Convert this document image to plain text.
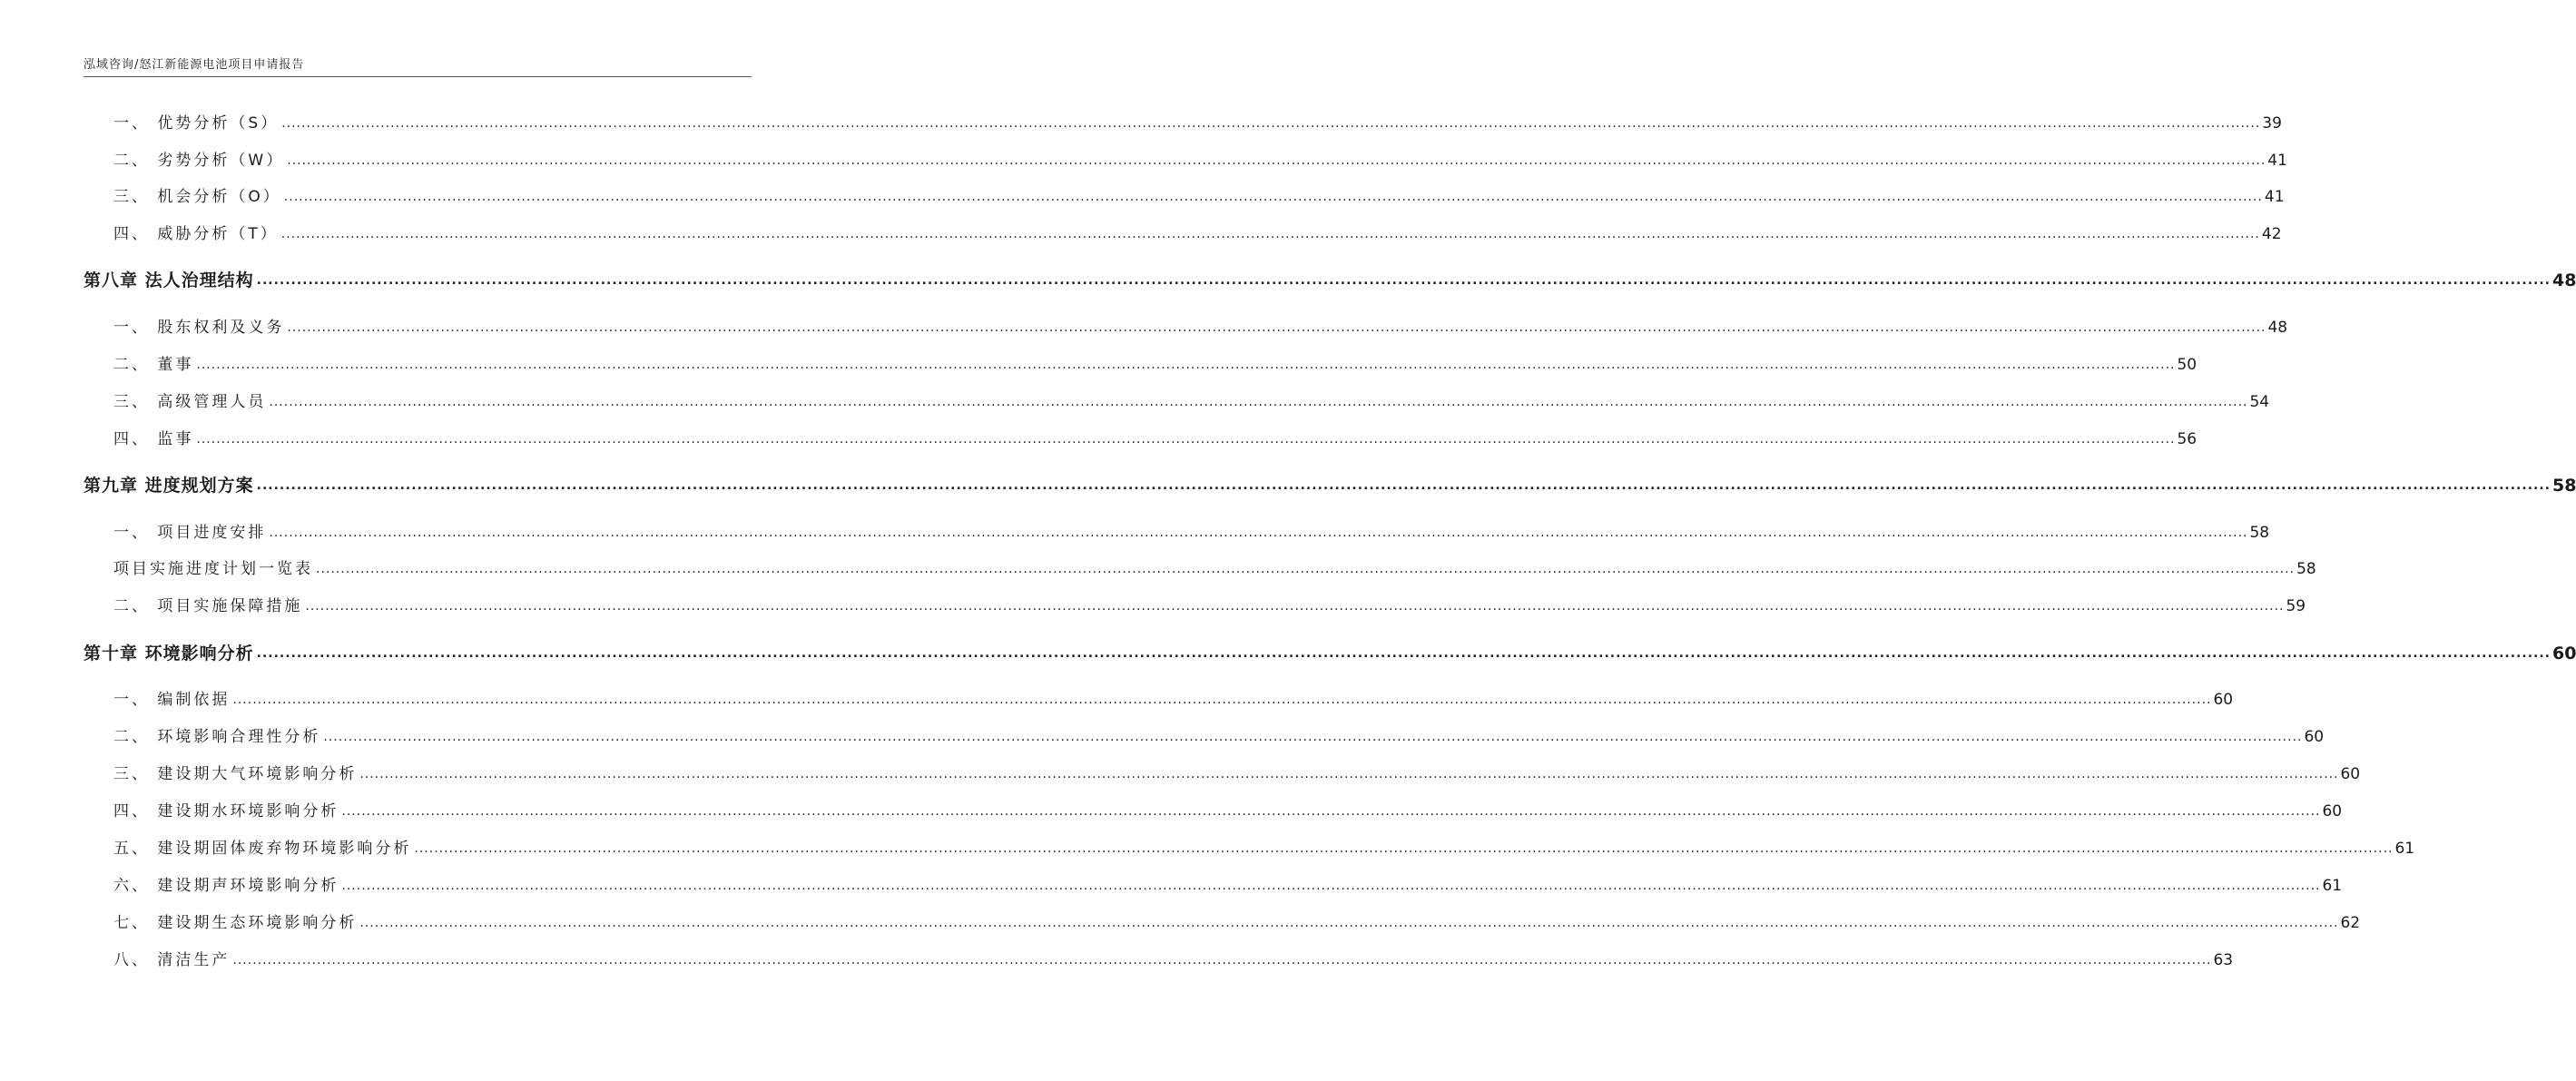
泓域咨询/怒江新能源电池项目申请报告
一、 优势分析（S） ................................................................................................................................................................................................................................................................................................................................................................................................................ 39
二、 劣势分析（W） ................................................................................................................................................................................................................................................................................................................................................................................................................ 41
三、 机会分析（O） ................................................................................................................................................................................................................................................................................................................................................................................................................ 41
四、 威胁分析（T） ................................................................................................................................................................................................................................................................................................................................................................................................................ 42
第八章 法人治理结构 ................................................................................................................................................................................................................................................................................................................................................................................................................ 48
一、 股东权利及义务 ................................................................................................................................................................................................................................................................................................................................................................................................................ 48
二、 董事 ................................................................................................................................................................................................................................................................................................................................................................................................................ 50
三、 高级管理人员 ................................................................................................................................................................................................................................................................................................................................................................................................................ 54
四、 监事 ................................................................................................................................................................................................................................................................................................................................................................................................................ 56
第九章 进度规划方案 ................................................................................................................................................................................................................................................................................................................................................................................................................ 58
一、 项目进度安排 ................................................................................................................................................................................................................................................................................................................................................................................................................ 58
项目实施进度计划一览表 ................................................................................................................................................................................................................................................................................................................................................................................................................ 58
二、 项目实施保障措施 ................................................................................................................................................................................................................................................................................................................................................................................................................ 59
第十章 环境影响分析 ................................................................................................................................................................................................................................................................................................................................................................................................................ 60
一、 编制依据 ................................................................................................................................................................................................................................................................................................................................................................................................................ 60
二、 环境影响合理性分析 ................................................................................................................................................................................................................................................................................................................................................................................................................ 60
三、 建设期大气环境影响分析 ................................................................................................................................................................................................................................................................................................................................................................................................................ 60
四、 建设期水环境影响分析 ................................................................................................................................................................................................................................................................................................................................................................................................................ 60
五、 建设期固体废弃物环境影响分析 ................................................................................................................................................................................................................................................................................................................................................................................................................ 61
六、 建设期声环境影响分析 ................................................................................................................................................................................................................................................................................................................................................................................................................ 61
七、 建设期生态环境影响分析 ................................................................................................................................................................................................................................................................................................................................................................................................................ 62
八、 清洁生产 ................................................................................................................................................................................................................................................................................................................................................................................................................ 63
